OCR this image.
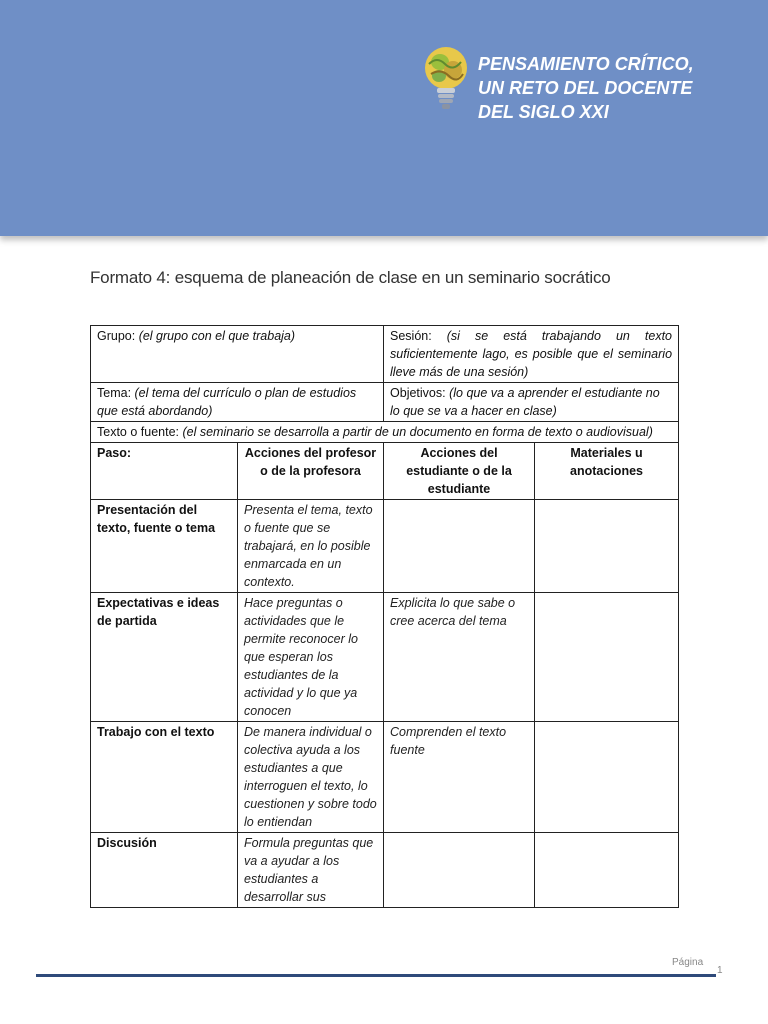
PENSAMIENTO CRÍTICO,
UN RETO DEL DOCENTE
DEL SIGLO XXI
Formato 4: esquema de planeación de clase en un seminario socrático
Grupo: (el grupo con el que trabaja)		Sesión: (si se está trabajando un texto suficientemente lago, es posible que el seminario lleve más de una sesión)	
Tema: (el tema del currículo o plan de estudios que está abordando)		Objetivos: (lo que va a aprender el estudiante no lo que se va a hacer en clase)	
Texto o fuente: (el seminario se desarrolla a partir de un documento en forma de texto o audiovisual)			
Paso:	Acciones del profesor o de la profesora	Acciones del estudiante o de la estudiante	Materiales u anotaciones
Presentación del texto, fuente o tema	Presenta el tema, texto o fuente que se trabajará, en lo posible enmarcada en un contexto.		
Expectativas e ideas de partida	Hace preguntas o actividades que le permite reconocer lo que esperan los estudiantes de la actividad y lo que ya conocen	Explicita lo que sabe o cree acerca del tema	
Trabajo con el texto	De manera individual o colectiva ayuda a los estudiantes a que interroguen el texto, lo cuestionen y sobre todo lo entiendan	Comprenden el texto fuente	
Discusión	Formula preguntas que va a ayudar a los estudiantes a desarrollar sus		
Página
1
